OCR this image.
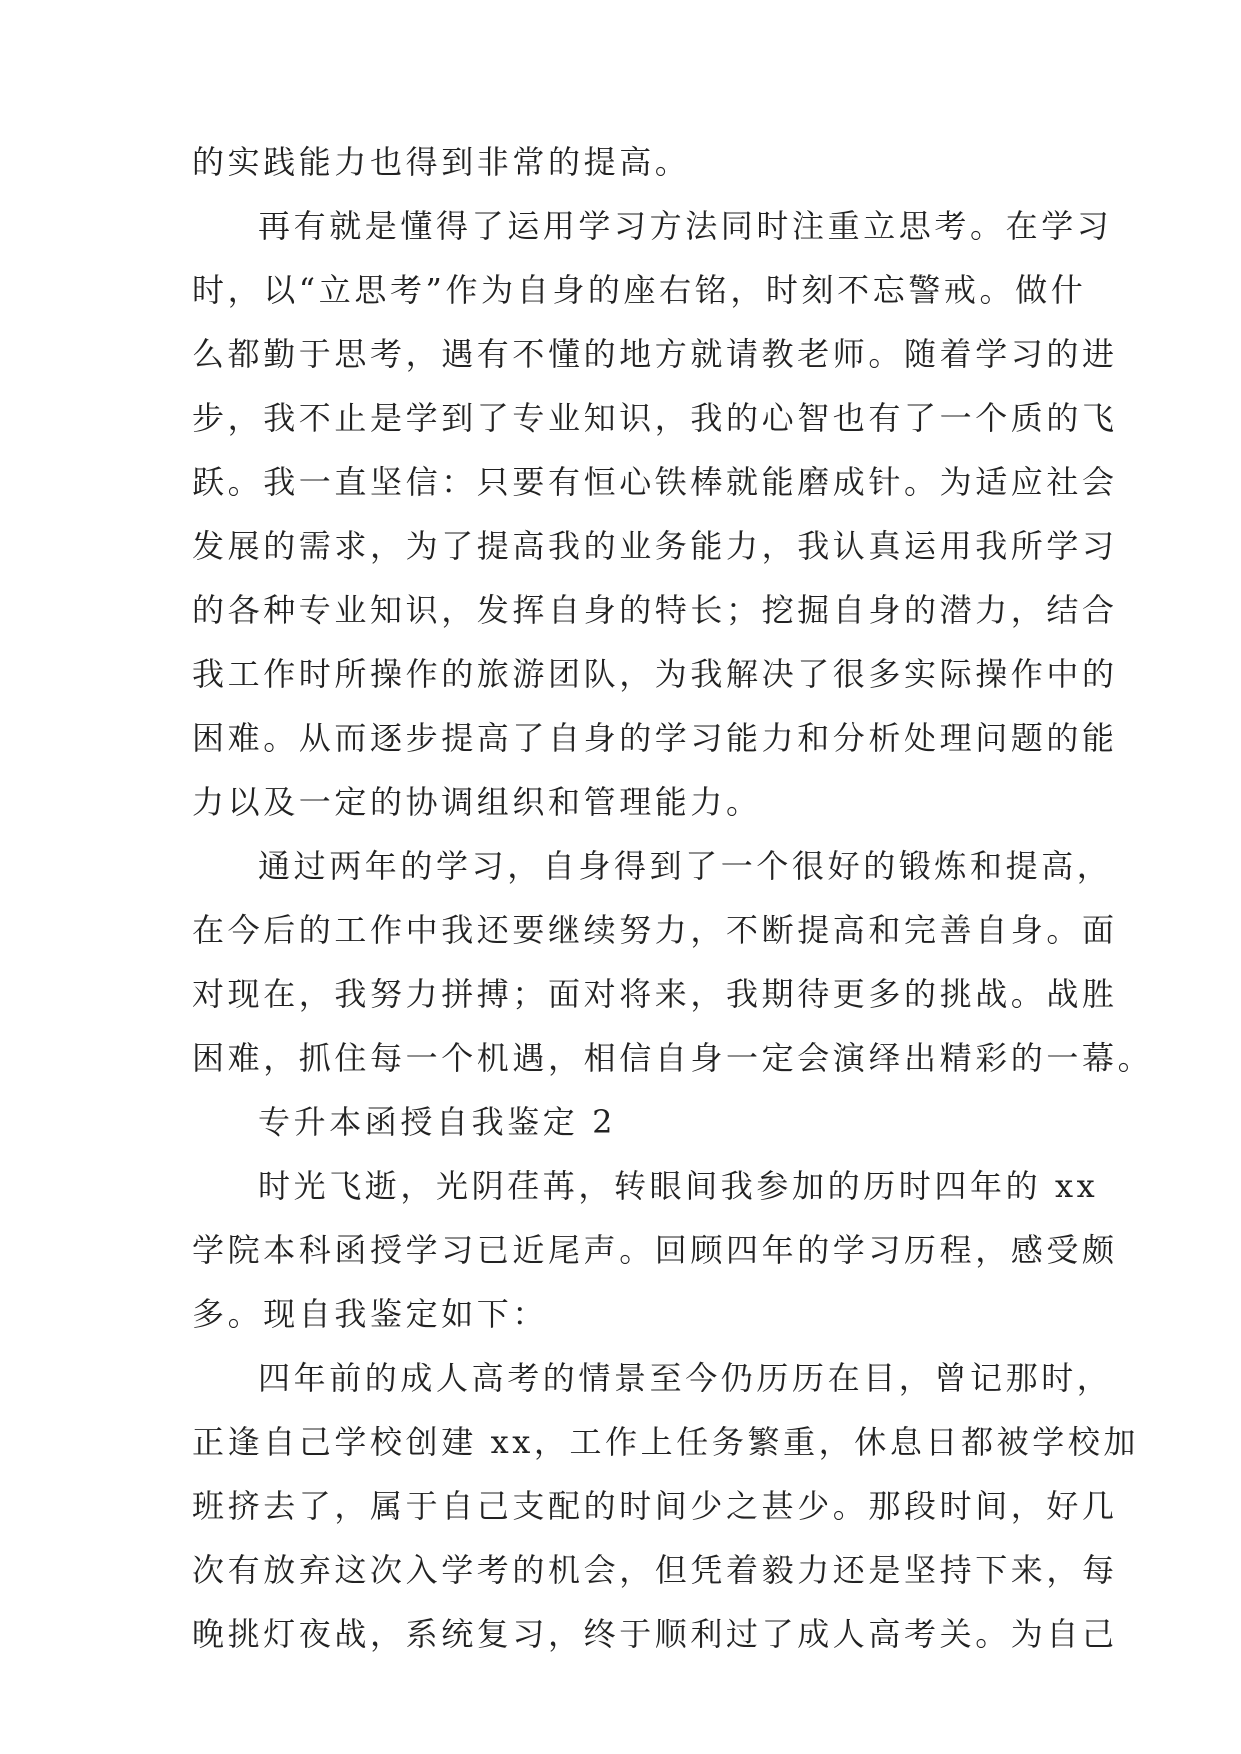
的实践能力也得到非常的提高。
再有就是懂得了运用学习方法同时注重立思考。在学习
时，以“立思考”作为自身的座右铭，时刻不忘警戒。做什
么都勤于思考，遇有不懂的地方就请教老师。随着学习的进
步，我不止是学到了专业知识，我的心智也有了一个质的飞
跃。我一直坚信：只要有恒心铁棒就能磨成针。为适应社会
发展的需求，为了提高我的业务能力，我认真运用我所学习
的各种专业知识，发挥自身的特长；挖掘自身的潜力，结合
我工作时所操作的旅游团队，为我解决了很多实际操作中的
困难。从而逐步提高了自身的学习能力和分析处理问题的能
力以及一定的协调组织和管理能力。
通过两年的学习，自身得到了一个很好的锻炼和提高，
在今后的工作中我还要继续努力，不断提高和完善自身。面
对现在，我努力拼搏；面对将来，我期待更多的挑战。战胜
困难，抓住每一个机遇，相信自身一定会演绎出精彩的一幕。
专升本函授自我鉴定 2
时光飞逝，光阴荏苒，转眼间我参加的历时四年的 xx
学院本科函授学习已近尾声。回顾四年的学习历程，感受颇
多。现自我鉴定如下：
四年前的成人高考的情景至今仍历历在目，曾记那时，
正逢自己学校创建 xx，工作上任务繁重，休息日都被学校加
班挤去了，属于自己支配的时间少之甚少。那段时间，好几
次有放弃这次入学考的机会，但凭着毅力还是坚持下来，每
晚挑灯夜战，系统复习，终于顺利过了成人高考关。为自己
